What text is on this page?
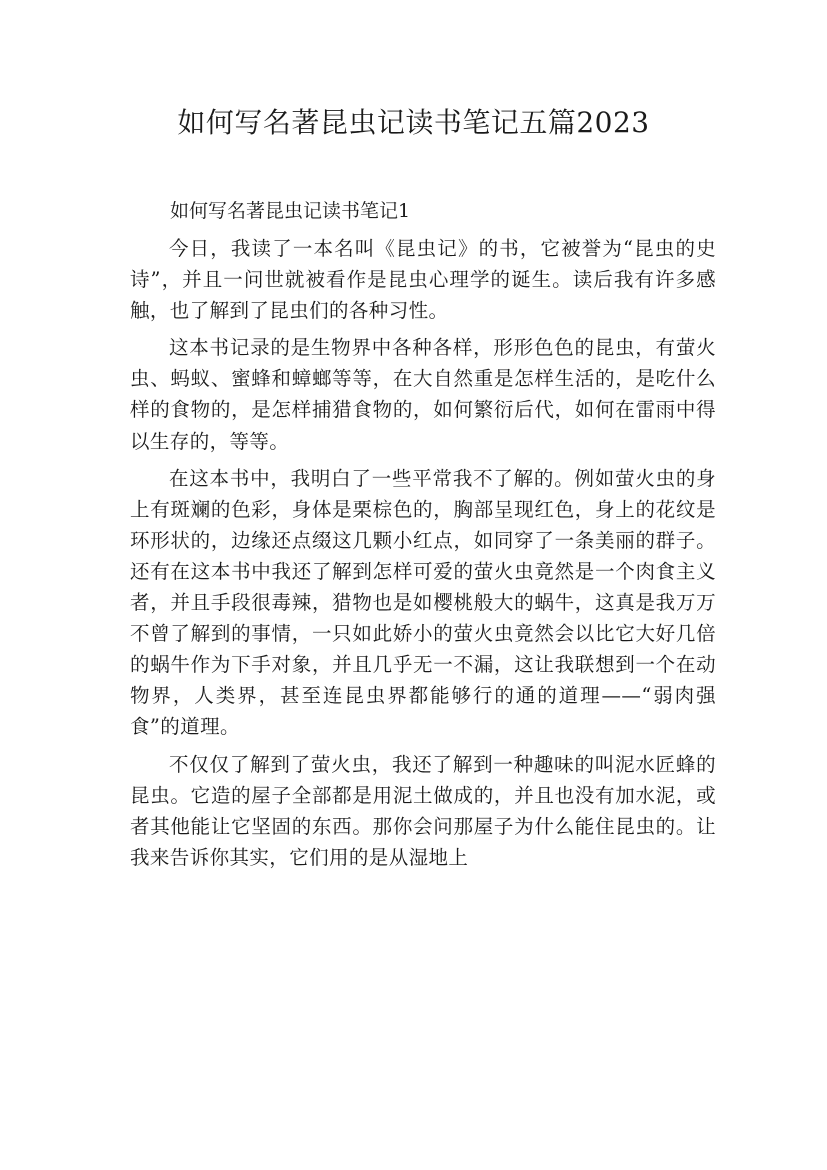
如何写名著昆虫记读书笔记五篇2023

如何写名著昆虫记读书笔记1

今日，我读了一本名叫《昆虫记》的书，它被誉为“昆虫的史诗”，并且一问世就被看作是昆虫心理学的诞生。读后我有许多感触，也了解到了昆虫们的各种习性。

这本书记录的是生物界中各种各样，形形色色的昆虫，有萤火虫、蚂蚁、蜜蜂和蟑螂等等，在大自然重是怎样生活的，是吃什么样的食物的，是怎样捕猎食物的，如何繁衍后代，如何在雷雨中得以生存的，等等。

在这本书中，我明白了一些平常我不了解的。例如萤火虫的身上有斑斓的色彩，身体是栗棕色的，胸部呈现红色，身上的花纹是环形状的，边缘还点缀这几颗小红点，如同穿了一条美丽的群子。还有在这本书中我还了解到怎样可爱的萤火虫竟然是一个肉食主义者，并且手段很毒辣，猎物也是如樱桃般大的蜗牛，这真是我万万不曾了解到的事情，一只如此娇小的萤火虫竟然会以比它大好几倍的蜗牛作为下手对象，并且几乎无一不漏，这让我联想到一个在动物界，人类界，甚至连昆虫界都能够行的通的道理——“弱肉强食”的道理。

不仅仅了解到了萤火虫，我还了解到一种趣味的叫泥水匠蜂的昆虫。它造的屋子全部都是用泥土做成的，并且也没有加水泥，或者其他能让它坚固的东西。那你会问那屋子为什么能住昆虫的。让我来告诉你其实，它们用的是从湿地上
